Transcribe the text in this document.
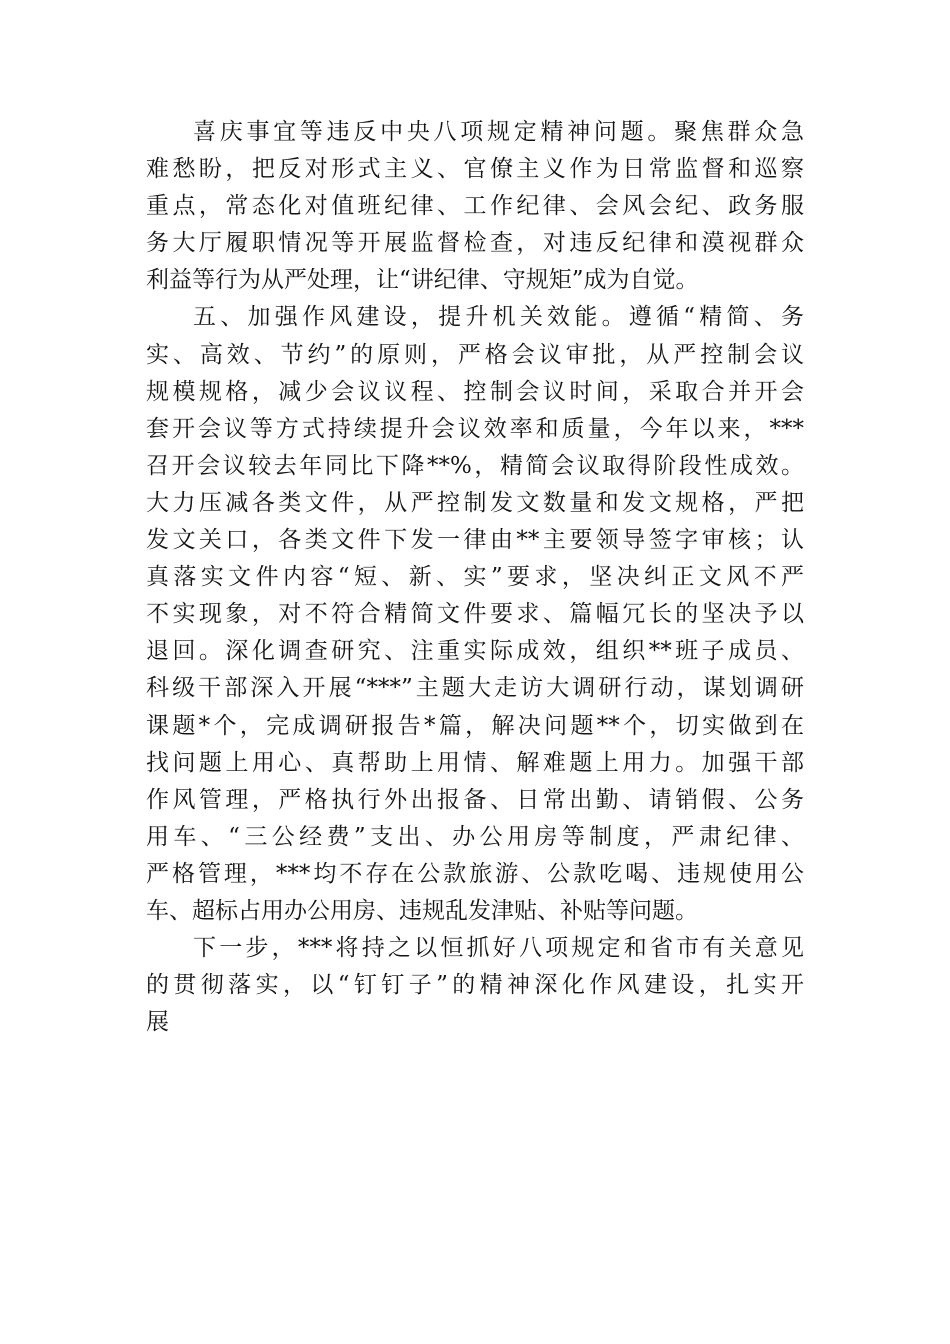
喜庆事宜等违反中央八项规定精神问题。聚焦群众急
难愁盼，把反对形式主义、官僚主义作为日常监督和巡察
重点，常态化对值班纪律、工作纪律、会风会纪、政务服
务大厅履职情况等开展监督检查，对违反纪律和漠视群众
利益等行为从严处理，让“讲纪律、守规矩”成为自觉。
五、加强作风建设，提升机关效能。遵循“精简、务
实、高效、节约”的原则，严格会议审批，从严控制会议
规模规格，减少会议议程、控制会议时间，采取合并开会
套开会议等方式持续提升会议效率和质量，今年以来，***
召开会议较去年同比下降**%，精简会议取得阶段性成效。
大力压减各类文件，从严控制发文数量和发文规格，严把
发文关口，各类文件下发一律由**主要领导签字审核；认
真落实文件内容“短、新、实”要求，坚决纠正文风不严
不实现象，对不符合精简文件要求、篇幅冗长的坚决予以
退回。深化调查研究、注重实际成效，组织**班子成员、
科级干部深入开展“***”主题大走访大调研行动，谋划调研
课题*个，完成调研报告*篇，解决问题**个，切实做到在
找问题上用心、真帮助上用情、解难题上用力。加强干部
作风管理，严格执行外出报备、日常出勤、请销假、公务
用车、“三公经费”支出、办公用房等制度，严肃纪律、
严格管理，***均不存在公款旅游、公款吃喝、违规使用公
车、超标占用办公用房、违规乱发津贴、补贴等问题。
下一步，***将持之以恒抓好八项规定和省市有关意见
的贯彻落实，以“钉钉子”的精神深化作风建设，扎实开
展
